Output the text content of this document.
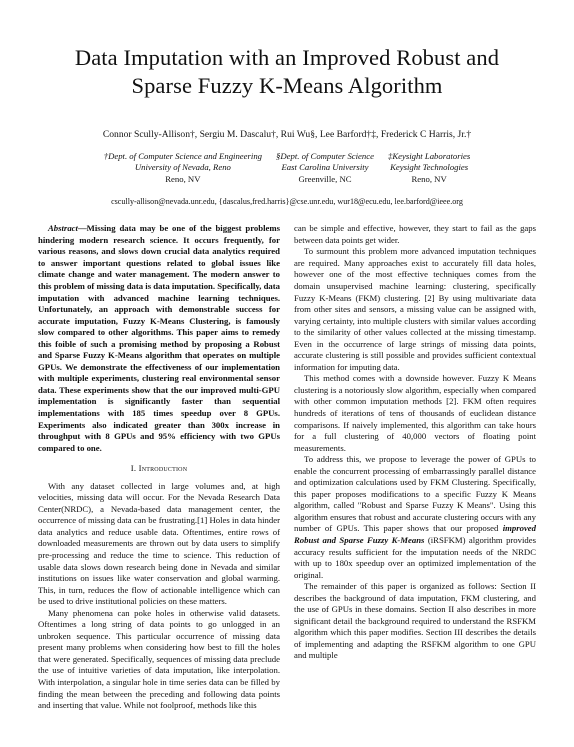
Data Imputation with an Improved Robust and
Sparse Fuzzy K-Means Algorithm
Connor Scully-Allison†, Sergiu M. Dascalu†, Rui Wu§, Lee Barford†‡, Frederick C Harris, Jr.†
†Dept. of Computer Science and Engineering
University of Nevada, Reno
Reno, NV
§Dept. of Computer Science
East Carolina University
Greenville, NC
‡Keysight Laboratories
Keysight Technologies
Reno, NV
cscully-allison@nevada.unr.edu, {dascalus,fred.harris}@cse.unr.edu, wur18@ecu.edu, lee.barford@ieee.org

Abstract—Missing data may be one of the biggest problems hindering modern research science. It occurs frequently, for various reasons, and slows down crucial data analytics required to answer important questions related to global issues like climate change and water management. The modern answer to this problem of missing data is data imputation. Specifically, data imputation with advanced machine learning techniques. Unfortunately, an approach with demonstrable success for accurate imputation, Fuzzy K-Means Clustering, is famously slow compared to other algorithms. This paper aims to remedy this foible of such a promising method by proposing a Robust and Sparse Fuzzy K-Means algorithm that operates on multiple GPUs. We demonstrate the effectiveness of our implementation with multiple experiments, clustering real environmental sensor data. These experiments show that the our improved multi-GPU implementation is significantly faster than sequential implementations with 185 times speedup over 8 GPUs. Experiments also indicated greater than 300x increase in throughput with 8 GPUs and 95% efficiency with two GPUs compared to one.

I. Introduction

With any dataset collected in large volumes and, at high velocities, missing data will occur. For the Nevada Research Data Center(NRDC), a Nevada-based data management center, the occurrence of missing data can be frustrating.[1] Holes in data hinder data analytics and reduce usable data. Oftentimes, entire rows of downloaded measurements are thrown out by data users to simplify pre-processing and reduce the time to science. This reduction of usable data slows down research being done in Nevada and similar institutions on issues like water conservation and global warming. This, in turn, reduces the flow of actionable intelligence which can be used to drive institutional policies on these matters.

Many phenomena can poke holes in otherwise valid datasets. Oftentimes a long string of data points to go unlogged in an unbroken sequence. This particular occurrence of missing data present many problems when considering how best to fill the holes that were generated. Specifically, sequences of missing data preclude the use of intuitive varieties of data imputation, like interpolation. With interpolation, a singular hole in time series data can be filled by finding the mean between the preceding and following data points and inserting that value. While not foolproof, methods like this

can be simple and effective, however, they start to fail as the gaps between data points get wider.

To surmount this problem more advanced imputation techniques are required. Many approaches exist to accurately fill data holes, however one of the most effective techniques comes from the domain unsupervised machine learning: clustering, specifically Fuzzy K-Means (FKM) clustering. [2] By using multivariate data from other sites and sensors, a missing value can be assigned with, varying certainty, into multiple clusters with similar values according to the similarity of other values collected at the missing timestamp. Even in the occurrence of large strings of missing data points, accurate clustering is still possible and provides sufficient contextual information for imputing data.

This method comes with a downside however. Fuzzy K Means clustering is a notoriously slow algorithm, especially when compared with other common imputation methods [2]. FKM often requires hundreds of iterations of tens of thousands of euclidean distance comparisons. If naively implemented, this algorithm can take hours for a full clustering of 40,000 vectors of floating point measurements.

To address this, we propose to leverage the power of GPUs to enable the concurrent processing of embarrassingly parallel distance and optimization calculations used by FKM Clustering. Specifically, this paper proposes modifications to a specific Fuzzy K Means algorithm, called "Robust and Sparse Fuzzy K Means". Using this algorithm ensures that robust and accurate clustering occurs with any number of GPUs. This paper shows that our proposed improved Robust and Sparse Fuzzy K-Means (iRSFKM) algorithm provides accuracy results sufficient for the imputation needs of the NRDC with up to 180x speedup over an optimized implementation of the original.

The remainder of this paper is organized as follows: Section II describes the background of data imputation, FKM clustering, and the use of GPUs in these domains. Section II also describes in more significant detail the background required to understand the RSFKM algorithm which this paper modifies. Section III describes the details of implementing and adapting the RSFKM algorithm to one GPU and multiple
